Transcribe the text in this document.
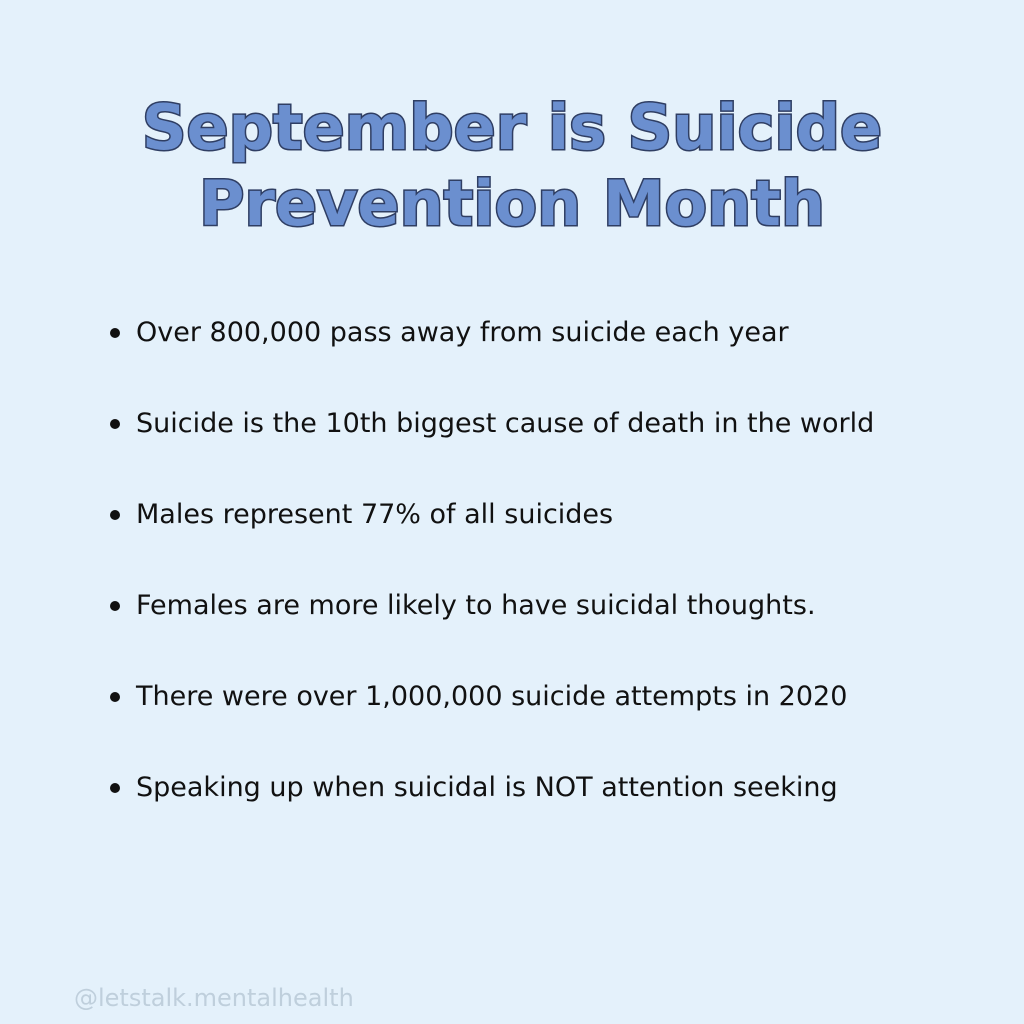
September is Suicide
Prevention Month
Over 800,000 pass away from suicide each year
Suicide is the 10th biggest cause of death in the world
Males represent 77% of all suicides
Females are more likely to have suicidal thoughts.
There were over 1,000,000 suicide attempts in 2020
Speaking up when suicidal is NOT attention seeking
@letstalk.mentalhealth
